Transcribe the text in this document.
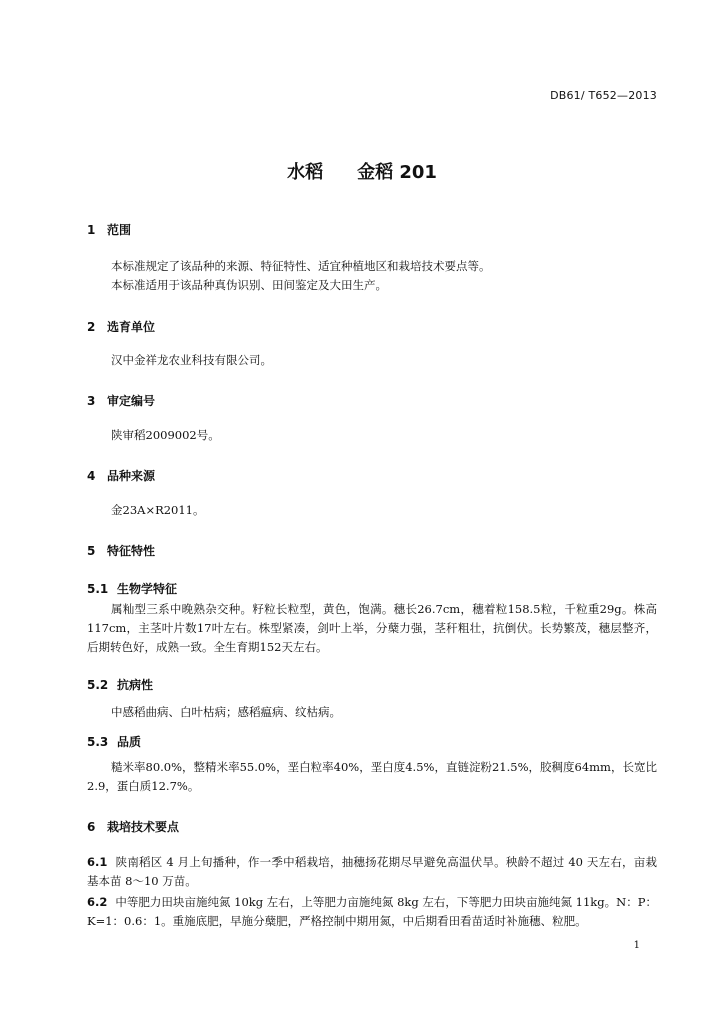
DB61/ T652—2013
水稻 金稻 201
1 范围
本标准规定了该品种的来源、特征特性、适宜种植地区和栽培技术要点等。
本标准适用于该品种真伪识别、田间鉴定及大田生产。
2 选育单位
汉中金祥龙农业科技有限公司。
3 审定编号
陕审稻2009002号。
4 品种来源
金23A×R2011。
5 特征特性
5.1 生物学特征
属籼型三系中晚熟杂交种。籽粒长粒型，黄色，饱满。穗长26.7cm，穗着粒158.5粒，千粒重29g。株高117cm，主茎叶片数17叶左右。株型紧凑，剑叶上举，分蘖力强，茎秆粗壮，抗倒伏。长势繁茂，穗层整齐，后期转色好，成熟一致。全生育期152天左右。
5.2 抗病性
中感稻曲病、白叶枯病；感稻瘟病、纹枯病。
5.3 品质
糙米率80.0%，整精米率55.0%，垩白粒率40%，垩白度4.5%，直链淀粉21.5%，胶稠度64mm，长宽比2.9，蛋白质12.7%。
6 栽培技术要点
6.1 陕南稻区 4 月上旬播种，作一季中稻栽培，抽穗扬花期尽早避免高温伏旱。秧龄不超过 40 天左右，亩栽基本苗 8～10 万苗。
6.2 中等肥力田块亩施纯氮 10kg 左右，上等肥力亩施纯氮 8kg 左右，下等肥力田块亩施纯氮 11kg。N：P：K=1：0.6：1。重施底肥，早施分蘖肥，严格控制中期用氮，中后期看田看苗适时补施穗、粒肥。
1
